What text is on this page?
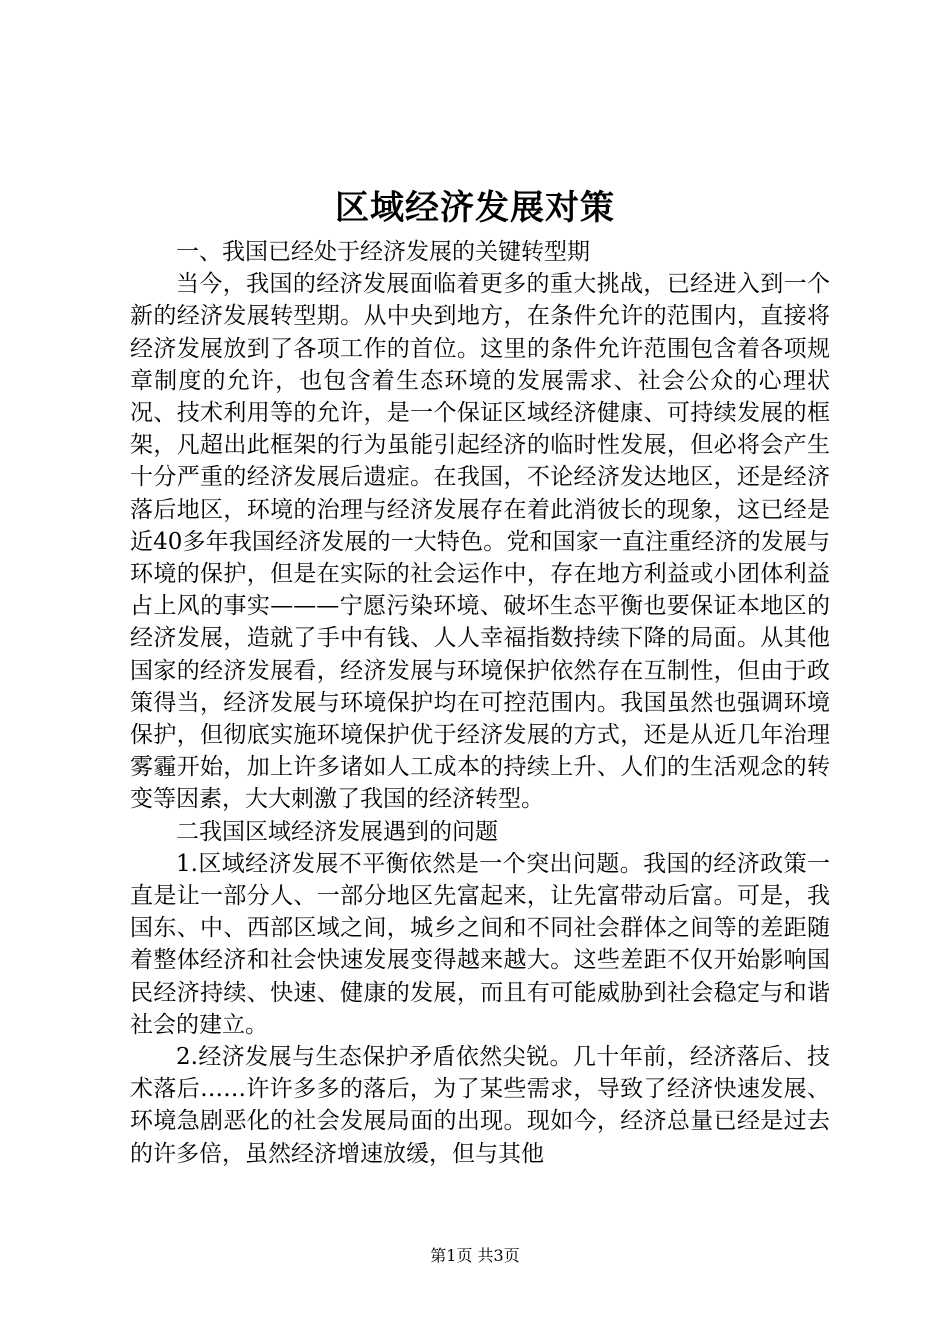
区域经济发展对策

一、我国已经处于经济发展的关键转型期

当今，我国的经济发展面临着更多的重大挑战，已经进入到一个新的经济发展转型期。从中央到地方，在条件允许的范围内，直接将经济发展放到了各项工作的首位。这里的条件允许范围包含着各项规章制度的允许，也包含着生态环境的发展需求、社会公众的心理状况、技术利用等的允许，是一个保证区域经济健康、可持续发展的框架，凡超出此框架的行为虽能引起经济的临时性发展，但必将会产生十分严重的经济发展后遗症。在我国，不论经济发达地区，还是经济落后地区，环境的治理与经济发展存在着此消彼长的现象，这已经是近40多年我国经济发展的一大特色。党和国家一直注重经济的发展与环境的保护，但是在实际的社会运作中，存在地方利益或小团体利益占上风的事实———宁愿污染环境、破坏生态平衡也要保证本地区的经济发展，造就了手中有钱、人人幸福指数持续下降的局面。从其他国家的经济发展看，经济发展与环境保护依然存在互制性，但由于政策得当，经济发展与环境保护均在可控范围内。我国虽然也强调环境保护，但彻底实施环境保护优于经济发展的方式，还是从近几年治理雾霾开始，加上许多诸如人工成本的持续上升、人们的生活观念的转变等因素，大大刺激了我国的经济转型。

二我国区域经济发展遇到的问题

1.区域经济发展不平衡依然是一个突出问题。我国的经济政策一直是让一部分人、一部分地区先富起来，让先富带动后富。可是，我国东、中、西部区域之间，城乡之间和不同社会群体之间等的差距随着整体经济和社会快速发展变得越来越大。这些差距不仅开始影响国民经济持续、快速、健康的发展，而且有可能威胁到社会稳定与和谐社会的建立。

2.经济发展与生态保护矛盾依然尖锐。几十年前，经济落后、技术落后……许许多多的落后，为了某些需求，导致了经济快速发展、环境急剧恶化的社会发展局面的出现。现如今，经济总量已经是过去的许多倍，虽然经济增速放缓，但与其他

第1页 共3页
